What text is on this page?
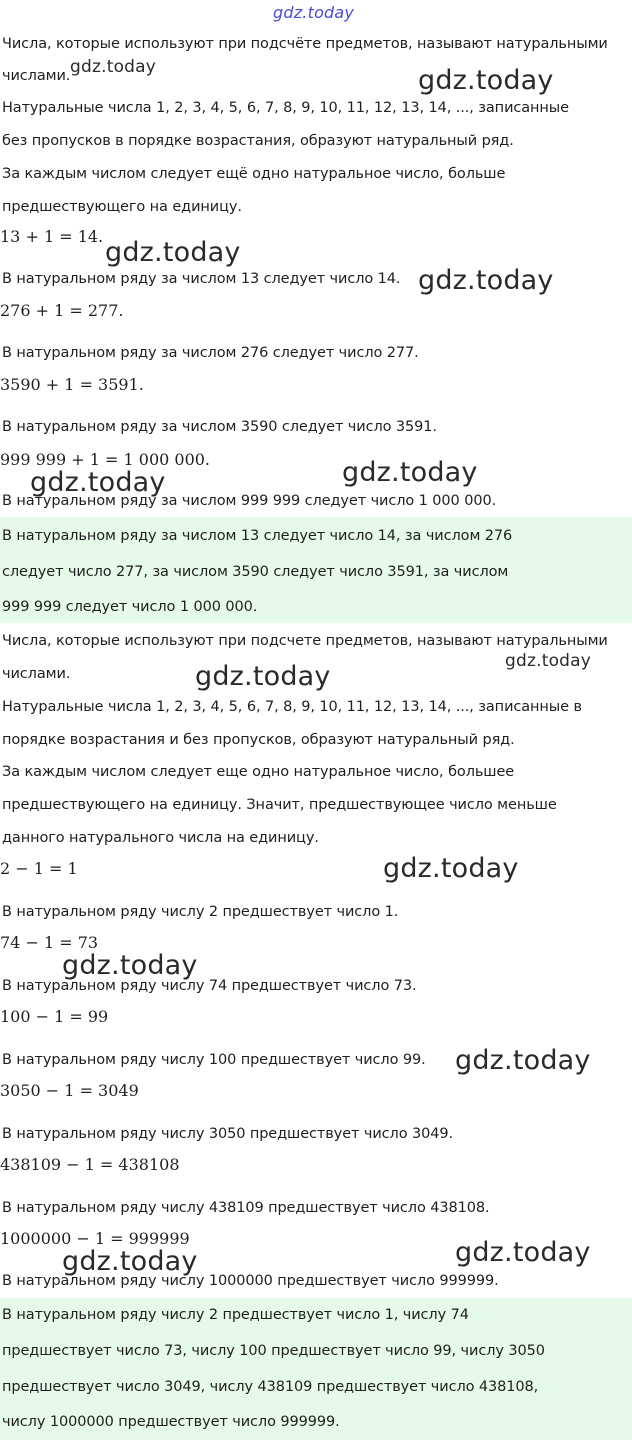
gdz.today

Числа, которые используют при подсчёте предметов, называют натуральными

числами.

Натуральные числа 1, 2, 3, 4, 5, 6, 7, 8, 9, 10, 11, 12, 13, 14, ..., записанные

без пропусков в порядке возрастания, образуют натуральный ряд.

За каждым числом следует ещё одно натуральное число, больше

предшествующего на единицу.

13 + 1 = 14.

В натуральном ряду за числом 13 следует число 14.

276 + 1 = 277.

В натуральном ряду за числом 276 следует число 277.

3590 + 1 = 3591.

В натуральном ряду за числом 3590 следует число 3591.

999 999 + 1 = 1 000 000.

В натуральном ряду за числом 999 999 следует число 1 000 000.

В натуральном ряду за числом 13 следует число 14, за числом 276

следует число 277, за числом 3590 следует число 3591, за числом

999 999 следует число 1 000 000.

Числа, которые используют при подсчете предметов, называют натуральными

числами.

Натуральные числа 1, 2, 3, 4, 5, 6, 7, 8, 9, 10, 11, 12, 13, 14, ..., записанные в

порядке возрастания и без пропусков, образуют натуральный ряд.

За каждым числом следует еще одно натуральное число, большее

предшествующего на единицу. Значит, предшествующее число меньше

данного натурального числа на единицу.

2 − 1 = 1

В натуральном ряду числу 2 предшествует число 1.

74 − 1 = 73

В натуральном ряду числу 74 предшествует число 73.

100 − 1 = 99

В натуральном ряду числу 100 предшествует число 99.

3050 − 1 = 3049

В натуральном ряду числу 3050 предшествует число 3049.

438109 − 1 = 438108

В натуральном ряду числу 438109 предшествует число 438108.

1000000 − 1 = 999999

В натуральном ряду числу 1000000 предшествует число 999999.

В натуральном ряду числу 2 предшествует число 1, числу 74

предшествует число 73, числу 100 предшествует число 99, числу 3050

предшествует число 3049, числу 438109 предшествует число 438108,

числу 1000000 предшествует число 999999.

gdz.today	gdz.today
gdz.today
gdz.today
gdz.today
gdz.today
gdz.today
gdz.today
gdz.today
gdz.today
gdz.today
gdz.today
gdz.today
